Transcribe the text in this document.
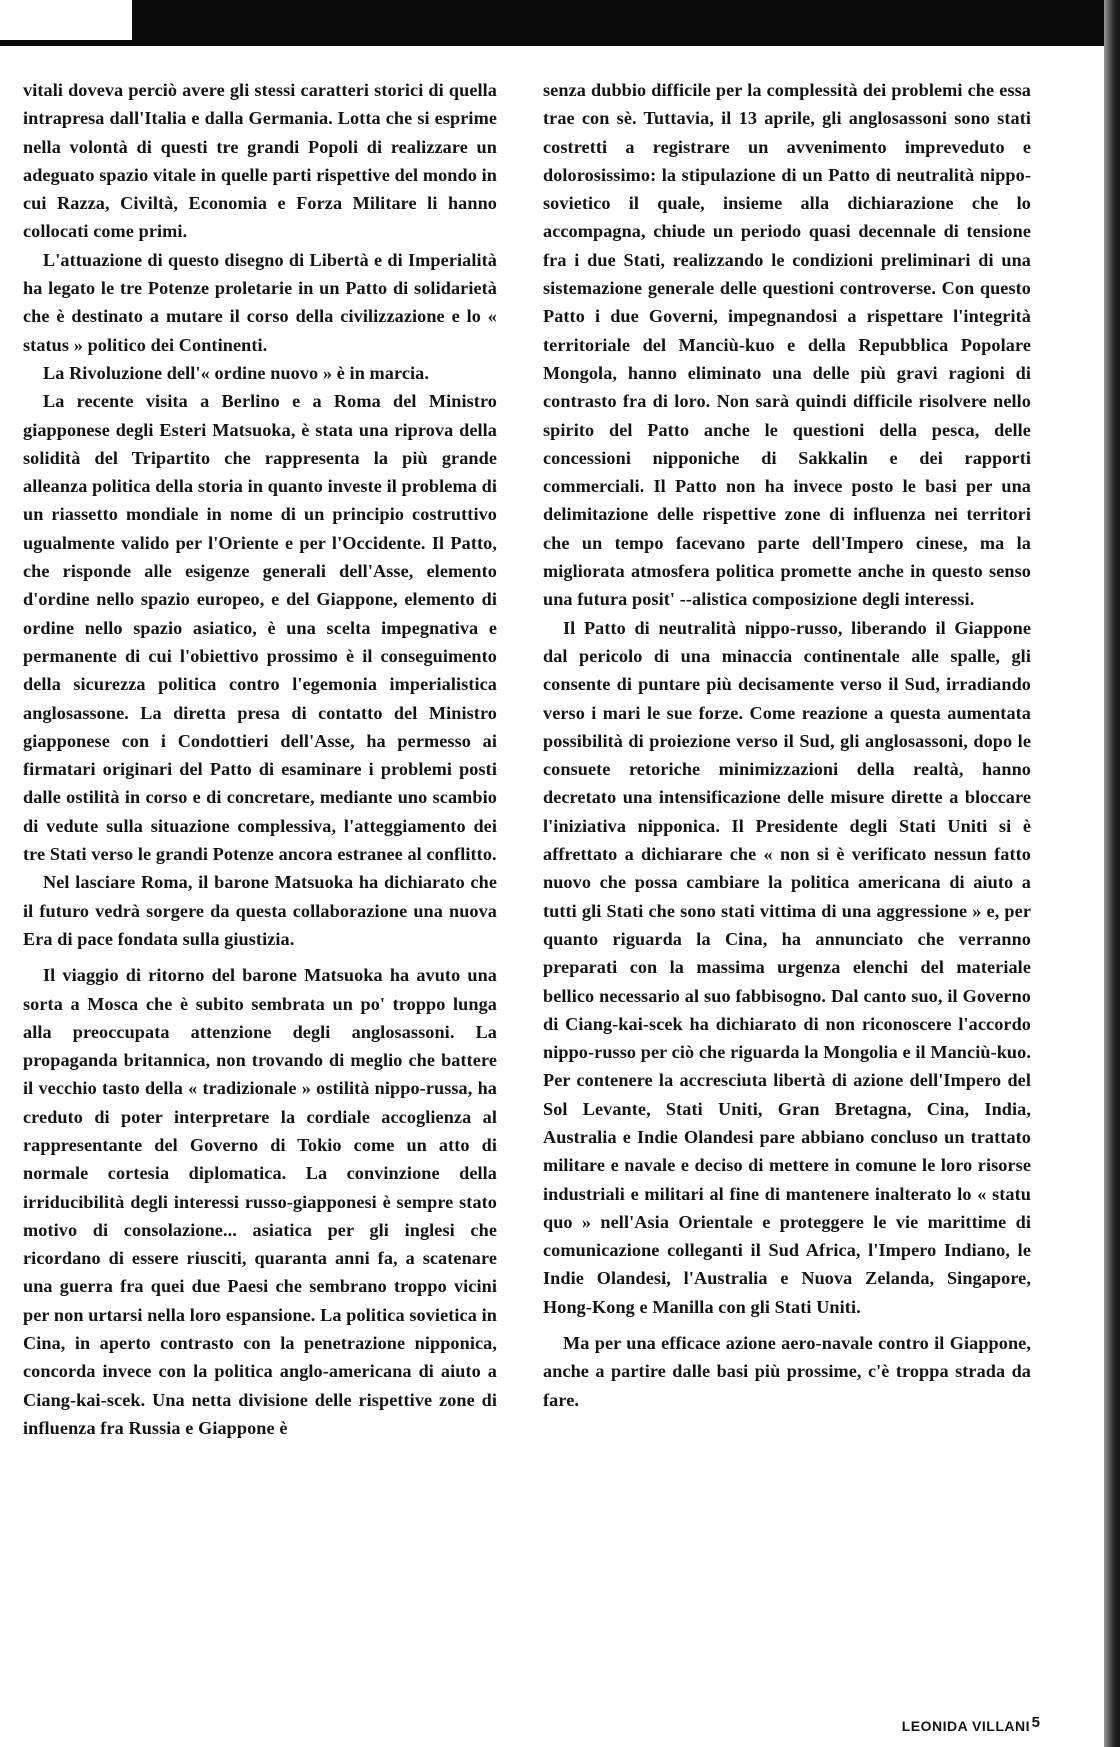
vitali doveva perciò avere gli stessi caratteri storici di quella intrapresa dall'Italia e dalla Germania. Lotta che si esprime nella volontà di questi tre grandi Popoli di realizzare un adeguato spazio vitale in quelle parti rispettive del mondo in cui Razza, Civiltà, Economia e Forza Militare li hanno collocati come primi.

L'attuazione di questo disegno di Libertà e di Imperialità ha legato le tre Potenze proletarie in un Patto di solidarietà che è destinato a mutare il corso della civilizzazione e lo « status » politico dei Continenti.

La Rivoluzione dell'« ordine nuovo » è in marcia.

La recente visita a Berlino e a Roma del Ministro giapponese degli Esteri Matsuoka, è stata una riprova della solidità del Tripartito che rappresenta la più grande alleanza politica della storia in quanto investe il problema di un riassetto mondiale in nome di un principio costruttivo ugualmente valido per l'Oriente e per l'Occidente. Il Patto, che risponde alle esigenze generali dell'Asse, elemento d'ordine nello spazio europeo, e del Giappone, elemento di ordine nello spazio asiatico, è una scelta impegnativa e permanente di cui l'obiettivo prossimo è il conseguimento della sicurezza politica contro l'egemonia imperialistica anglosassone. La diretta presa di contatto del Ministro giapponese con i Condottieri dell'Asse, ha permesso ai firmatari originari del Patto di esaminare i problemi posti dalle ostilità in corso e di concretare, mediante uno scambio di vedute sulla situazione complessiva, l'atteggiamento dei tre Stati verso le grandi Potenze ancora estranee al conflitto.

Nel lasciare Roma, il barone Matsuoka ha dichiarato che il futuro vedrà sorgere da questa collaborazione una nuova Era di pace fondata sulla giustizia.

Il viaggio di ritorno del barone Matsuoka ha avuto una sorta a Mosca che è subito sembrata un po' troppo lunga alla preoccupata attenzione degli anglosassoni. La propaganda britannica, non trovando di meglio che battere il vecchio tasto della « tradizionale » ostilità nippo-russa, ha creduto di poter interpretare la cordiale accoglienza al rappresentante del Governo di Tokio come un atto di normale cortesia diplomatica. La convinzione della irriducibilità degli interessi russo-giapponesi è sempre stato motivo di consolazione... asiatica per gli inglesi che ricordano di essere riusciti, quaranta anni fa, a scatenare una guerra fra quei due Paesi che sembrano troppo vicini per non urtarsi nella loro espansione. La politica sovietica in Cina, in aperto contrasto con la penetrazione nipponica, concorda invece con la politica anglo-americana di aiuto a Ciang-kai-scek. Una netta divisione delle rispettive zone di influenza fra Russia e Giappone è

senza dubbio difficile per la complessità dei problemi che essa trae con sè. Tuttavia, il 13 aprile, gli anglosassoni sono stati costretti a registrare un avvenimento impreveduto e dolorosissimo: la stipulazione di un Patto di neutralità nippo-sovietico il quale, insieme alla dichiarazione che lo accompagna, chiude un periodo quasi decennale di tensione fra i due Stati, realizzando le condizioni preliminari di una sistemazione generale delle questioni controverse. Con questo Patto i due Governi, impegnandosi a rispettare l'integrità territoriale del Manciù-kuo e della Repubblica Popolare Mongola, hanno eliminato una delle più gravi ragioni di contrasto fra di loro. Non sarà quindi difficile risolvere nello spirito del Patto anche le questioni della pesca, delle concessioni nipponiche di Sakkalin e dei rapporti commerciali. Il Patto non ha invece posto le basi per una delimitazione delle rispettive zone di influenza nei territori che un tempo facevano parte dell'Impero cinese, ma la migliorata atmosfera politica promette anche in questo senso una futura posit' --alistica composizione degli interessi.

Il Patto di neutralità nippo-russo, liberando il Giappone dal pericolo di una minaccia continentale alle spalle, gli consente di puntare più decisamente verso il Sud, irradiando verso i mari le sue forze. Come reazione a questa aumentata possibilità di proiezione verso il Sud, gli anglosassoni, dopo le consuete retoriche minimizzazioni della realtà, hanno decretato una intensificazione delle misure dirette a bloccare l'iniziativa nipponica. Il Presidente degli Stati Uniti si è affrettato a dichiarare che « non si è verificato nessun fatto nuovo che possa cambiare la politica americana di aiuto a tutti gli Stati che sono stati vittima di una aggressione » e, per quanto riguarda la Cina, ha annunciato che verranno preparati con la massima urgenza elenchi del materiale bellico necessario al suo fabbisogno. Dal canto suo, il Governo di Ciang-kai-scek ha dichiarato di non riconoscere l'accordo nippo-russo per ciò che riguarda la Mongolia e il Manciù-kuo. Per contenere la accresciuta libertà di azione dell'Impero del Sol Levante, Stati Uniti, Gran Bretagna, Cina, India, Australia e Indie Olandesi pare abbiano concluso un trattato militare e navale e deciso di mettere in comune le loro risorse industriali e militari al fine di mantenere inalterato lo « statu quo » nell'Asia Orientale e proteggere le vie marittime di comunicazione colleganti il Sud Africa, l'Impero Indiano, le Indie Olandesi, l'Australia e Nuova Zelanda, Singapore, Hong-Kong e Manilla con gli Stati Uniti.

Ma per una efficace azione aero-navale contro il Giappone, anche a partire dalle basi più prossime, c'è troppa strada da fare.

LEONIDA VILLANI 5
